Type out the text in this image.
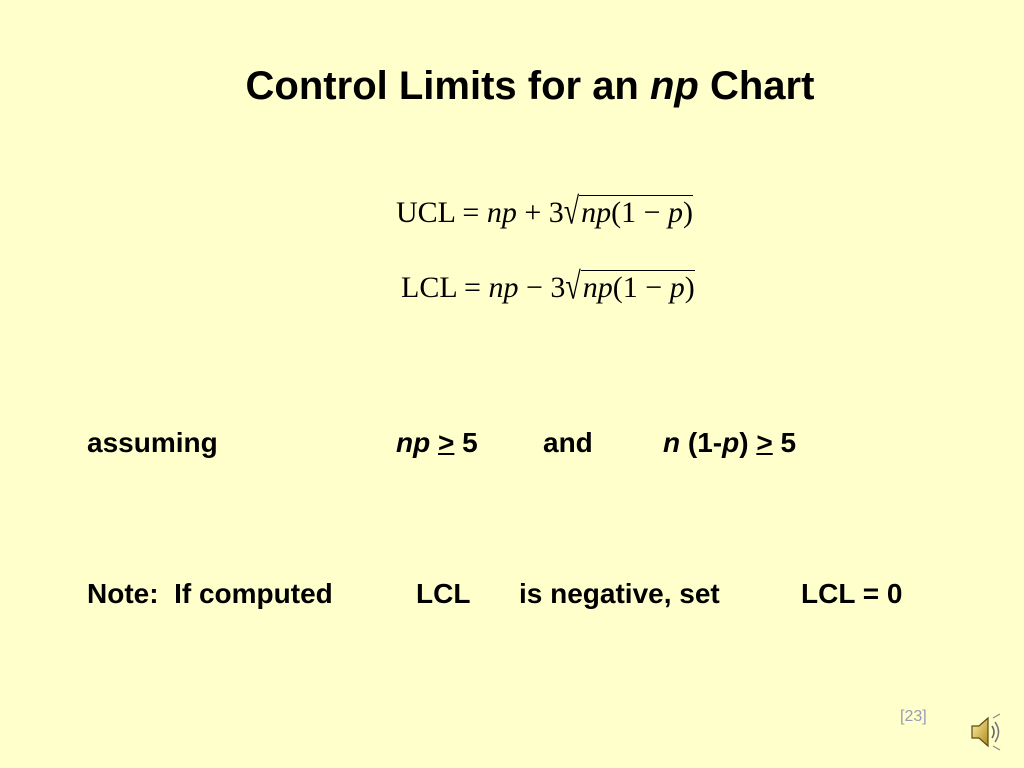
Control Limits for an np Chart
UCL = np + 3√np(1 − p)
LCL = np − 3√np(1 − p)
assuming	np > 5 and	n (1-p) > 5
Note:  If computed	LCL is negative, set	LCL = 0
[23]
